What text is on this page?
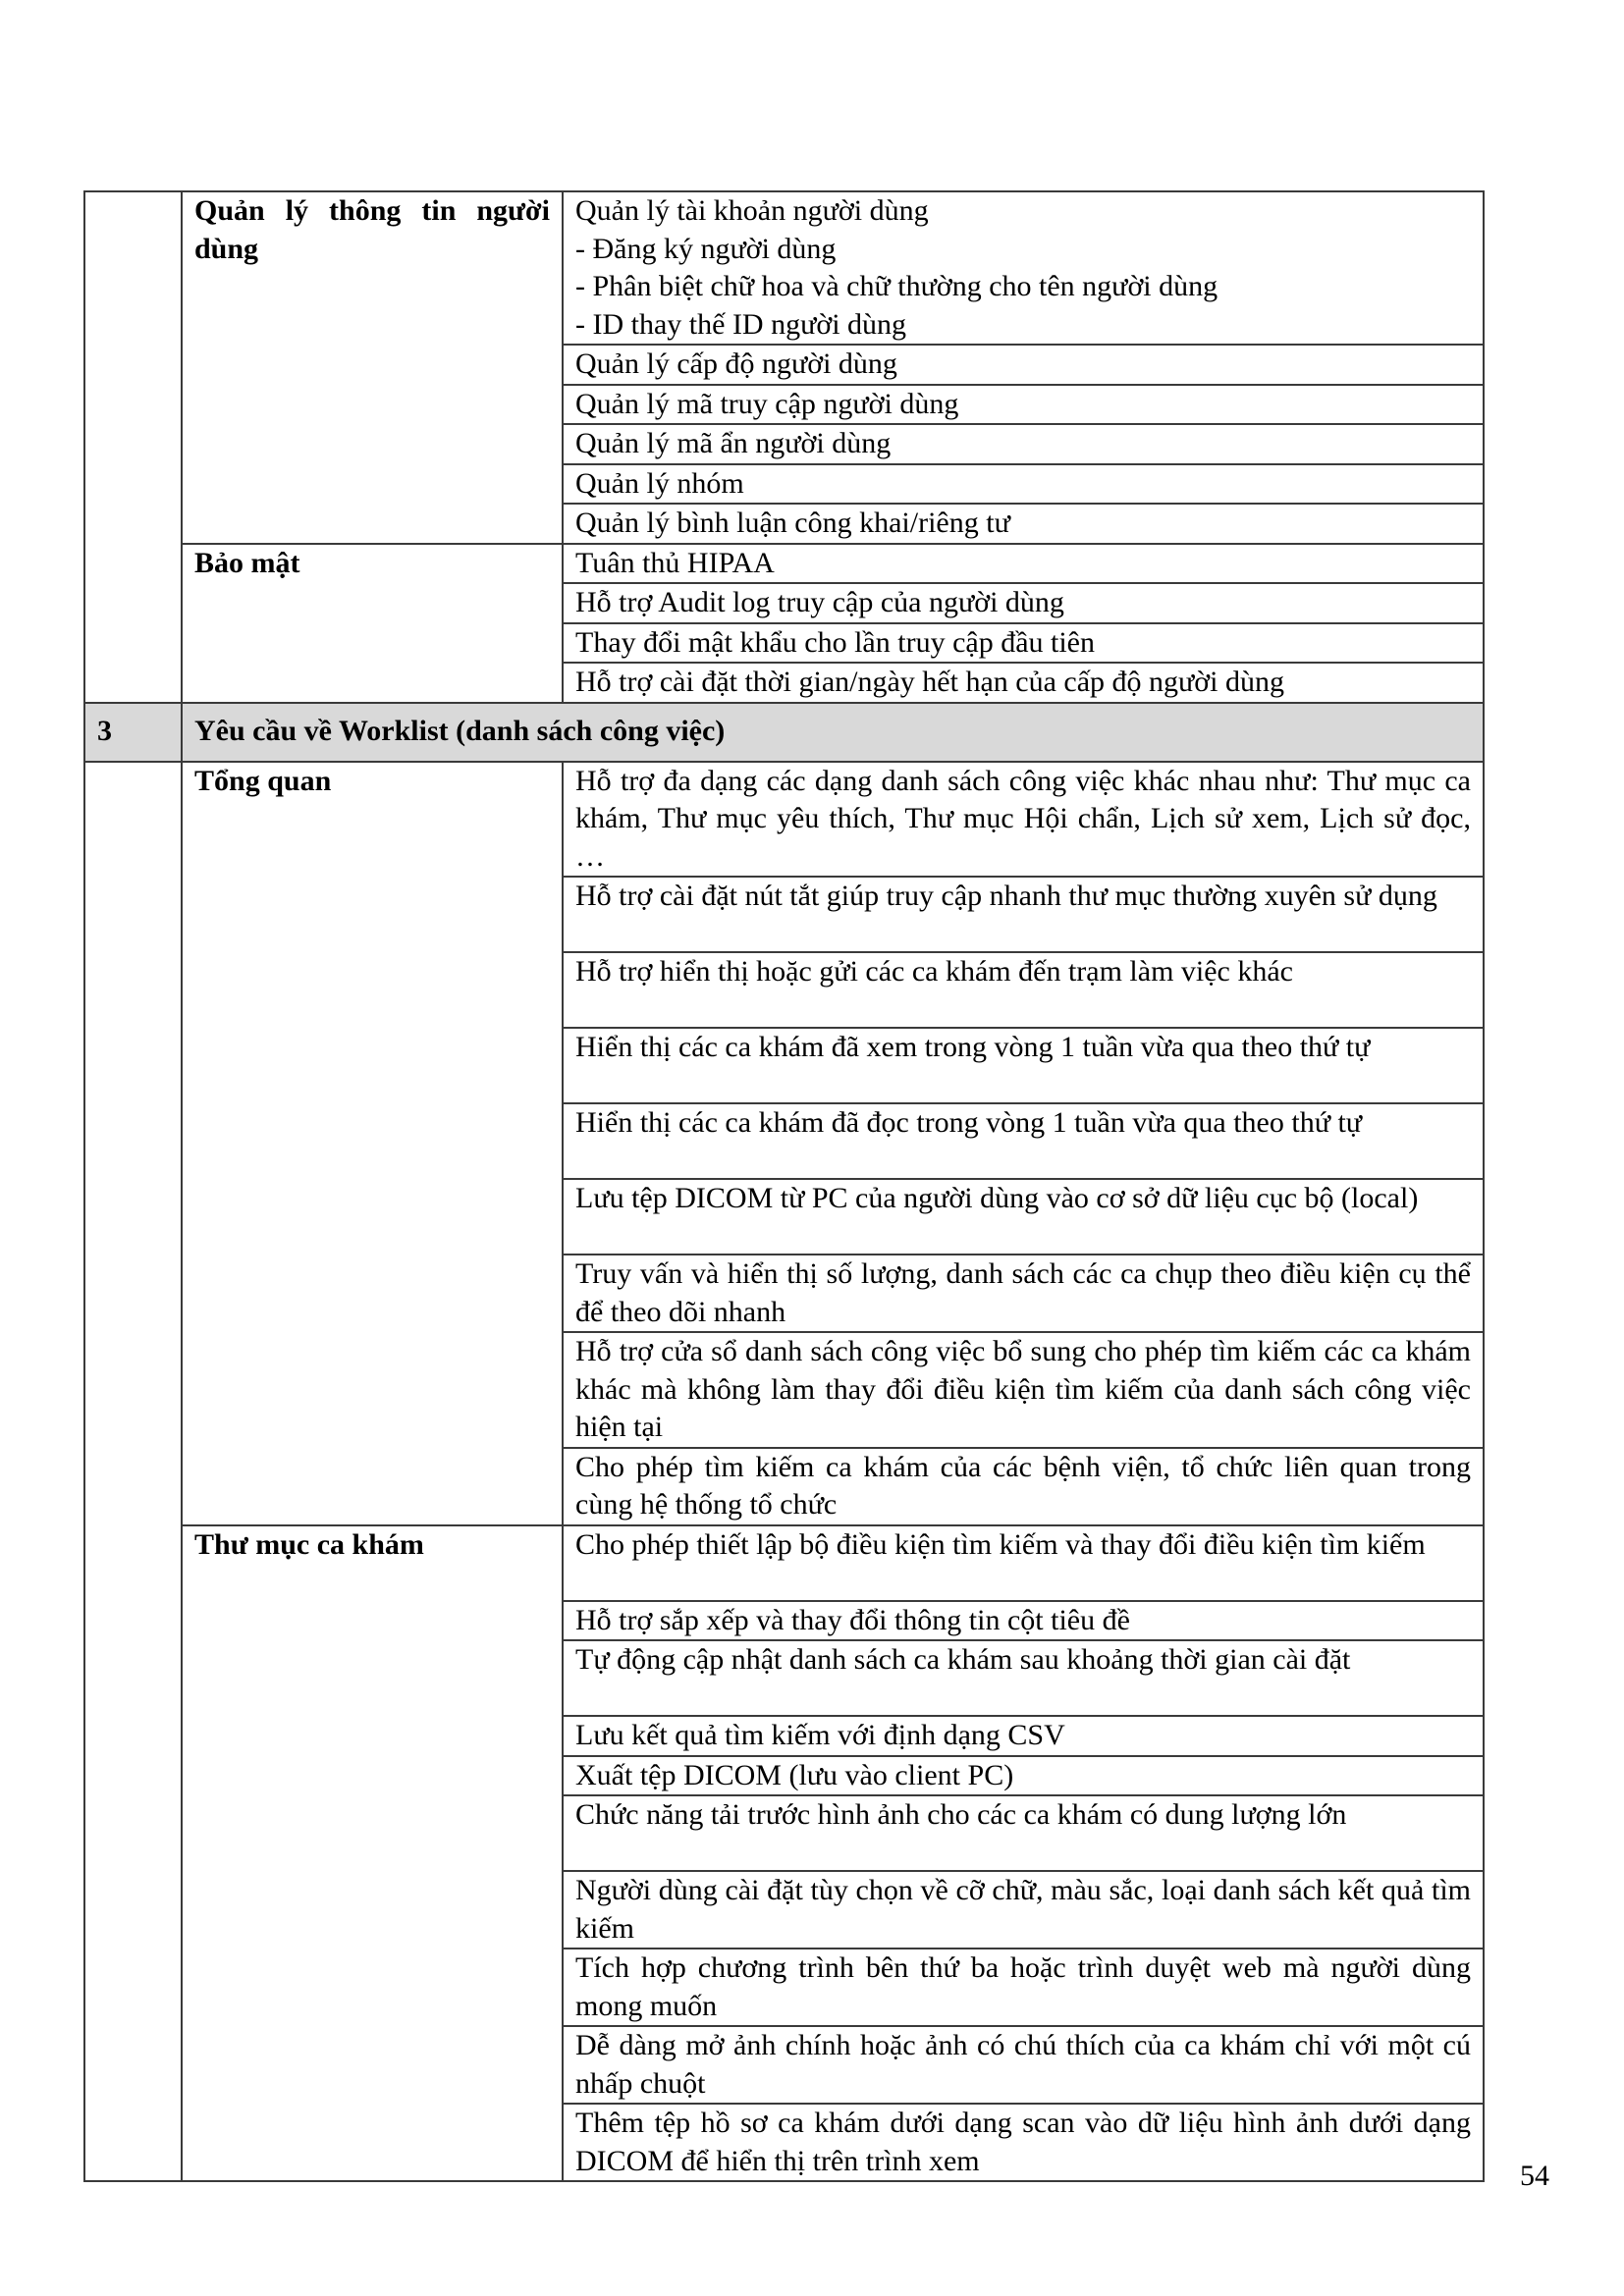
	Quản lý thông tin người dùng	Quản lý tài khoản người dùng
- Đăng ký người dùng
- Phân biệt chữ hoa và chữ thường cho tên người dùng
- ID thay thế ID người dùng

		Quản lý cấp độ người dùng

		Quản lý mã truy cập người dùng

		Quản lý mã ẩn người dùng

		Quản lý nhóm

		Quản lý bình luận công khai/riêng tư

	Bảo mật	Tuân thủ HIPAA

		Hỗ trợ Audit log truy cập của người dùng

		Thay đổi mật khẩu cho lần truy cập đầu tiên

		Hỗ trợ cài đặt thời gian/ngày hết hạn của cấp độ người dùng

3	Yêu cầu về Worklist (danh sách công việc)	
	Tổng quan	Hỗ trợ đa dạng các dạng danh sách công việc khác nhau như: Thư mục ca khám, Thư mục yêu thích, Thư mục Hội chẩn, Lịch sử xem, Lịch sử đọc, …
		Hỗ trợ cài đặt nút tắt giúp truy cập nhanh thư mục thường xuyên sử dụng
		Hỗ trợ hiển thị hoặc gửi các ca khám đến trạm làm việc khác
		Hiển thị các ca khám đã xem trong vòng 1 tuần vừa qua theo thứ tự
		Hiển thị các ca khám đã đọc trong vòng 1 tuần vừa qua theo thứ tự
		Lưu tệp DICOM từ PC của người dùng vào cơ sở dữ liệu cục bộ (local)
		Truy vấn và hiển thị số lượng, danh sách các ca chụp theo điều kiện cụ thể để theo dõi nhanh
		Hỗ trợ cửa sổ danh sách công việc bổ sung cho phép tìm kiếm các ca khám khác mà không làm thay đổi điều kiện tìm kiếm của danh sách công việc hiện tại
		Cho phép tìm kiếm ca khám của các bệnh viện, tổ chức liên quan trong cùng hệ thống tổ chức
	Thư mục ca khám	Cho phép thiết lập bộ điều kiện tìm kiếm và thay đổi điều kiện tìm kiếm
		Hỗ trợ sắp xếp và thay đổi thông tin cột tiêu đề
		Tự động cập nhật danh sách ca khám sau khoảng thời gian cài đặt
		Lưu kết quả tìm kiếm với định dạng CSV
		Xuất tệp DICOM (lưu vào client PC)
		Chức năng tải trước hình ảnh cho các ca khám có dung lượng lớn
		Người dùng cài đặt tùy chọn về cỡ chữ, màu sắc, loại danh sách kết quả tìm kiếm
		Tích hợp chương trình bên thứ ba hoặc trình duyệt web mà người dùng mong muốn
		Dễ dàng mở ảnh chính hoặc ảnh có chú thích của ca khám chỉ với một cú nhấp chuột
		Thêm tệp hồ sơ ca khám dưới dạng scan vào dữ liệu hình ảnh dưới dạng DICOM để hiển thị trên trình xem	54
